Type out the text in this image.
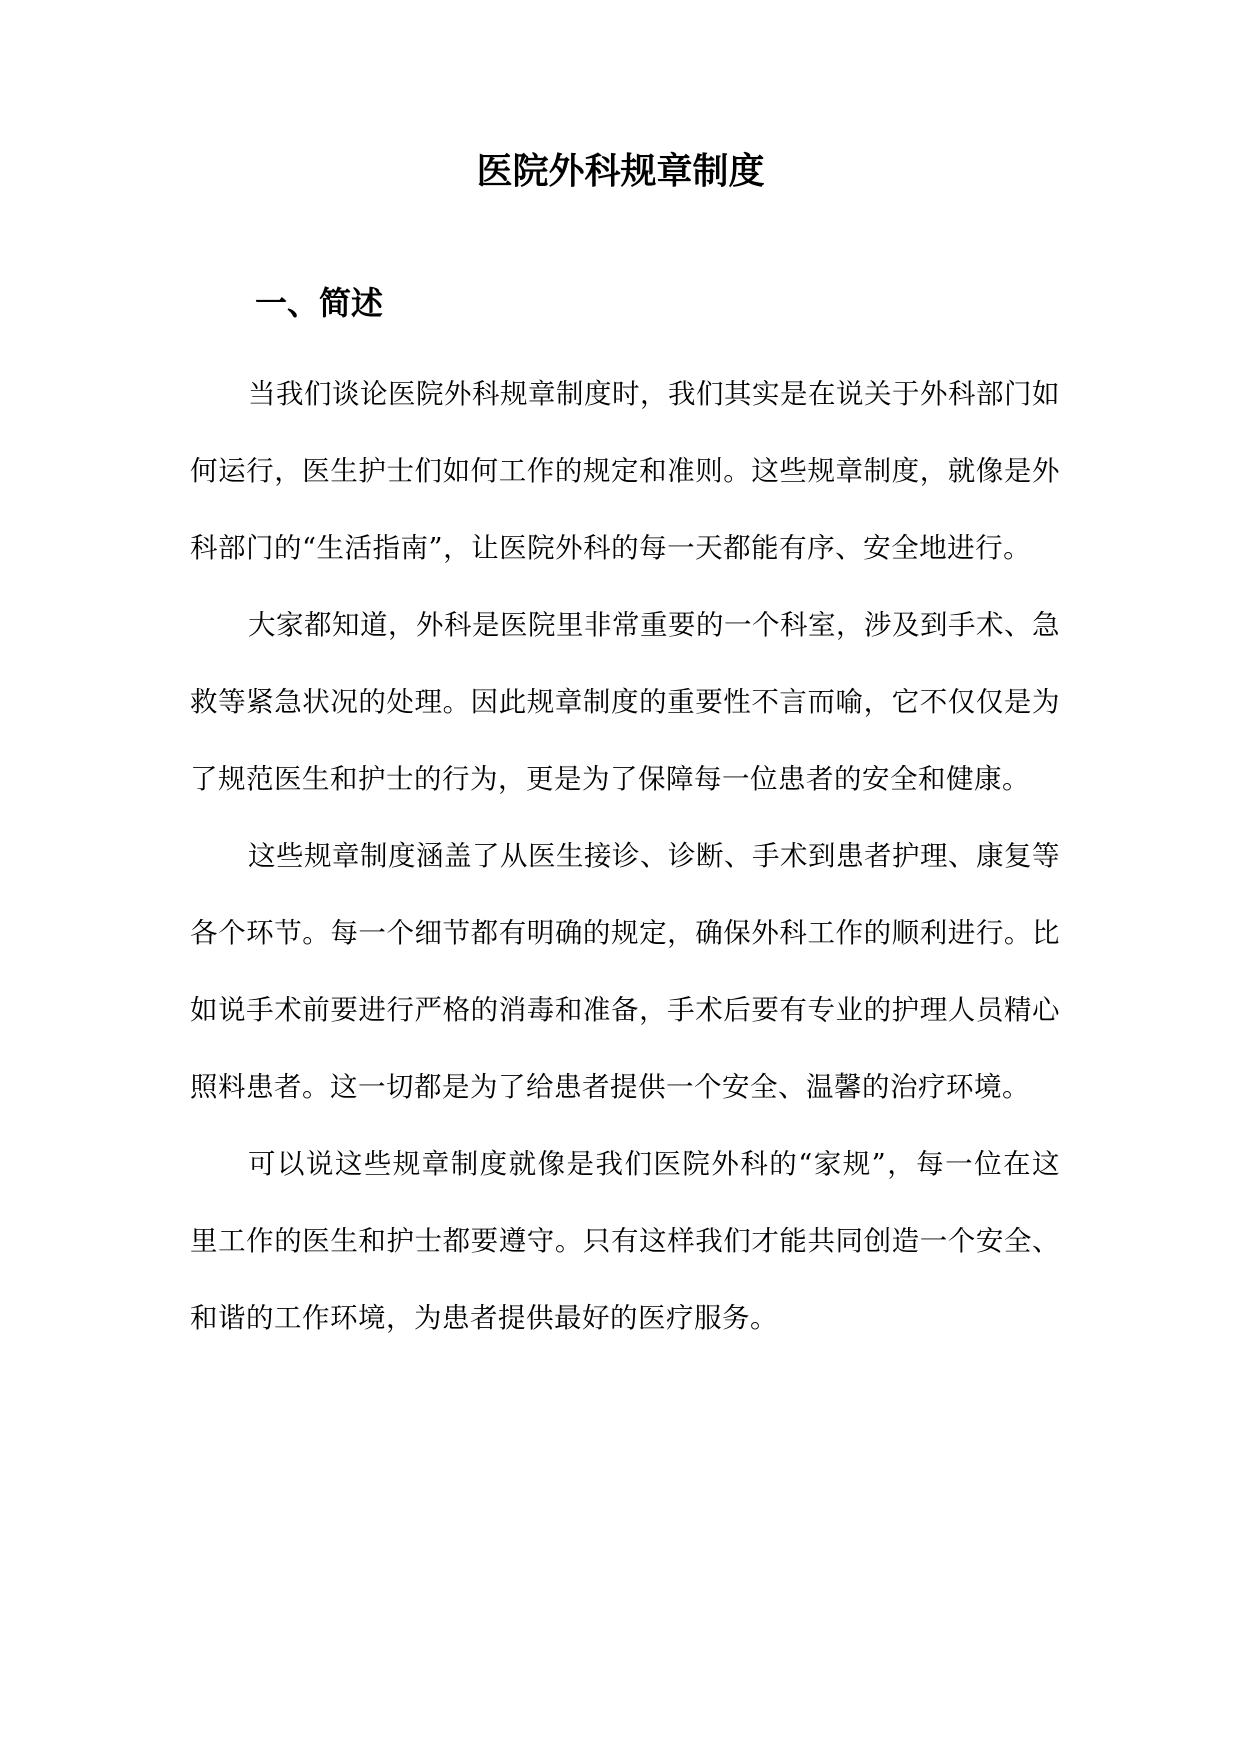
医院外科规章制度
一、简述

当我们谈论医院外科规章制度时，我们其实是在说关于外科部门如何运行，医生护士们如何工作的规定和准则。这些规章制度，就像是外科部门的“生活指南”，让医院外科的每一天都能有序、安全地进行。

大家都知道，外科是医院里非常重要的一个科室，涉及到手术、急救等紧急状况的处理。因此规章制度的重要性不言而喻，它不仅仅是为了规范医生和护士的行为，更是为了保障每一位患者的安全和健康。

这些规章制度涵盖了从医生接诊、诊断、手术到患者护理、康复等各个环节。每一个细节都有明确的规定，确保外科工作的顺利进行。比如说手术前要进行严格的消毒和准备，手术后要有专业的护理人员精心照料患者。这一切都是为了给患者提供一个安全、温馨的治疗环境。

可以说这些规章制度就像是我们医院外科的“家规”，每一位在这里工作的医生和护士都要遵守。只有这样我们才能共同创造一个安全、和谐的工作环境，为患者提供最好的医疗服务。
